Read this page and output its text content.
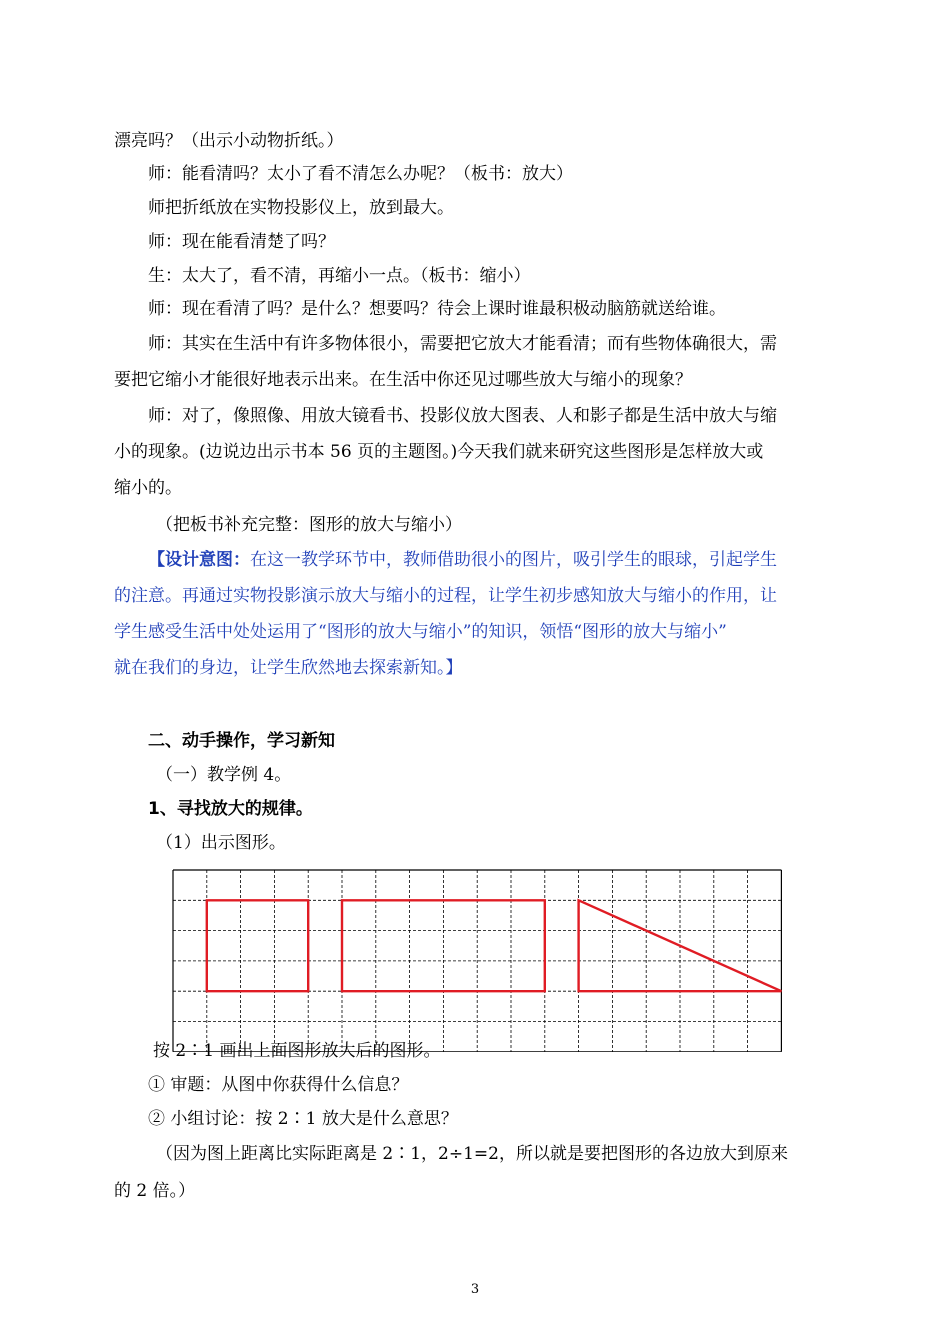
漂亮吗？（出示小动物折纸。）
师：能看清吗？太小了看不清怎么办呢？（板书：放大）
师把折纸放在实物投影仪上，放到最大。
师：现在能看清楚了吗？
生：太大了，看不清，再缩小一点。（板书：缩小）
师：现在看清了吗？是什么？想要吗？待会上课时谁最积极动脑筋就送给谁。
师：其实在生活中有许多物体很小，需要把它放大才能看清；而有些物体确很大，需
要把它缩小才能很好地表示出来。在生活中你还见过哪些放大与缩小的现象？
师：对了，像照像、用放大镜看书、投影仪放大图表、人和影子都是生活中放大与缩
小的现象。(边说边出示书本 56 页的主题图。)今天我们就来研究这些图形是怎样放大或
缩小的。
（把板书补充完整：图形的放大与缩小）
【设计意图：在这一教学环节中，教师借助很小的图片，吸引学生的眼球，引起学生
的注意。再通过实物投影演示放大与缩小的过程，让学生初步感知放大与缩小的作用，让
学生感受生活中处处运用了“图形的放大与缩小”的知识，领悟“图形的放大与缩小”
就在我们的身边，让学生欣然地去探索新知。】
二、动手操作，学习新知
（一）教学例 4。
1、寻找放大的规律。
（1）出示图形。
按 2∶1 画出上面图形放大后的图形。
① 审题：从图中你获得什么信息？
② 小组讨论：按 2∶1 放大是什么意思？
（因为图上距离比实际距离是 2∶1，2÷1=2，所以就是要把图形的各边放大到原来
的 2 倍。）
3
